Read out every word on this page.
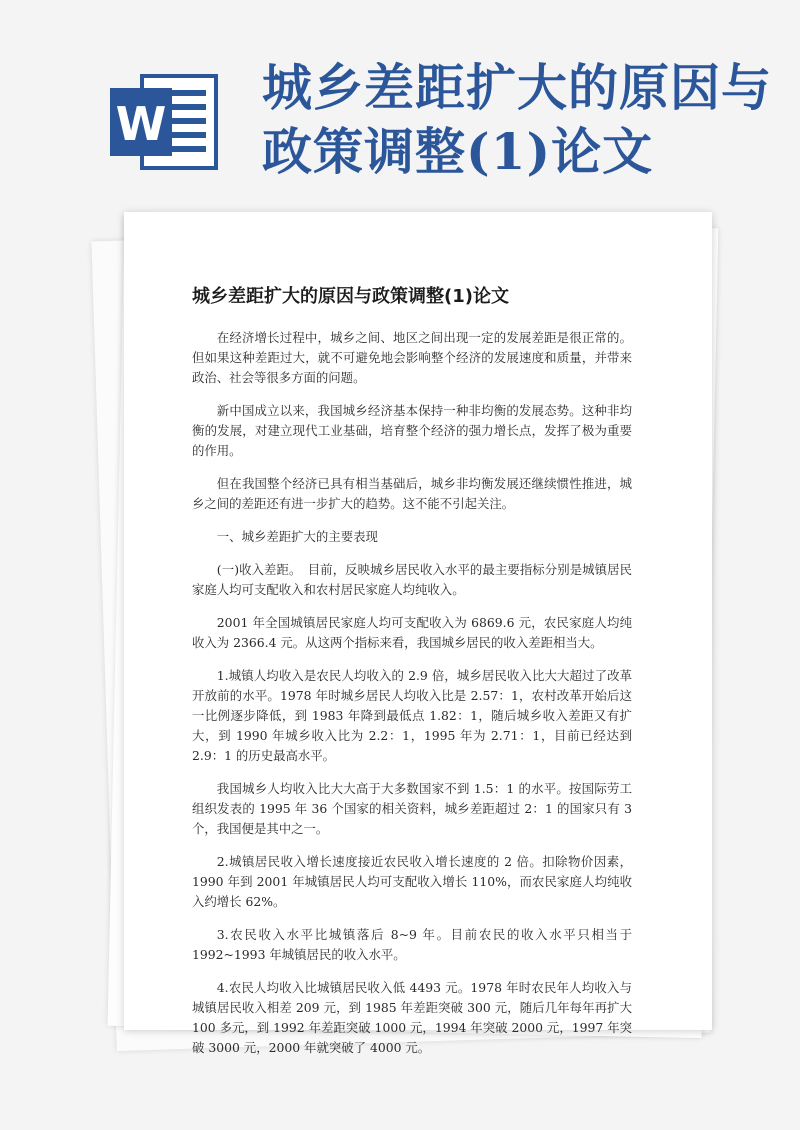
W
城乡差距扩大的原因与
政策调整(1)论文
城乡差距扩大的原因与政策调整(1)论文

在经济增长过程中，城乡之间、地区之间出现一定的发展差距是很正常的。但如果这种差距过大，就不可避免地会影响整个经济的发展速度和质量，并带来政治、社会等很多方面的问题。

新中国成立以来，我国城乡经济基本保持一种非均衡的发展态势。这种非均衡的发展，对建立现代工业基础，培育整个经济的强力增长点，发挥了极为重要的作用。

但在我国整个经济已具有相当基础后，城乡非均衡发展还继续惯性推进，城乡之间的差距还有进一步扩大的趋势。这不能不引起关注。

一、城乡差距扩大的主要表现

(一)收入差距。　目前，反映城乡居民收入水平的最主要指标分别是城镇居民家庭人均可支配收入和农村居民家庭人均纯收入。

2001 年全国城镇居民家庭人均可支配收入为 6869.6 元，农民家庭人均纯收入为 2366.4 元。从这两个指标来看，我国城乡居民的收入差距相当大。

1.城镇人均收入是农民人均收入的 2.9 倍，城乡居民收入比大大超过了改革开放前的水平。1978 年时城乡居民人均收入比是 2.57：1，农村改革开始后这一比例逐步降低，到 1983 年降到最低点 1.82：1，随后城乡收入差距又有扩大，到 1990 年城乡收入比为 2.2：1，1995 年为 2.71：1，目前已经达到 2.9：1 的历史最高水平。

我国城乡人均收入比大大高于大多数国家不到 1.5：1 的水平。按国际劳工组织发表的 1995 年 36 个国家的相关资料，城乡差距超过 2：1 的国家只有 3 个，我国便是其中之一。

2.城镇居民收入增长速度接近农民收入增长速度的 2 倍。扣除物价因素，1990 年到 2001 年城镇居民人均可支配收入增长 110%，而农民家庭人均纯收入约增长 62%。

3.农民收入水平比城镇落后 8~9 年。目前农民的收入水平只相当于 1992~1993 年城镇居民的收入水平。

4.农民人均收入比城镇居民收入低 4493 元。1978 年时农民年人均收入与城镇居民收入相差 209 元，到 1985 年差距突破 300 元，随后几年每年再扩大 100 多元，到 1992 年差距突破 1000 元，1994 年突破 2000 元，1997 年突破 3000 元，2000 年就突破了 4000 元。
